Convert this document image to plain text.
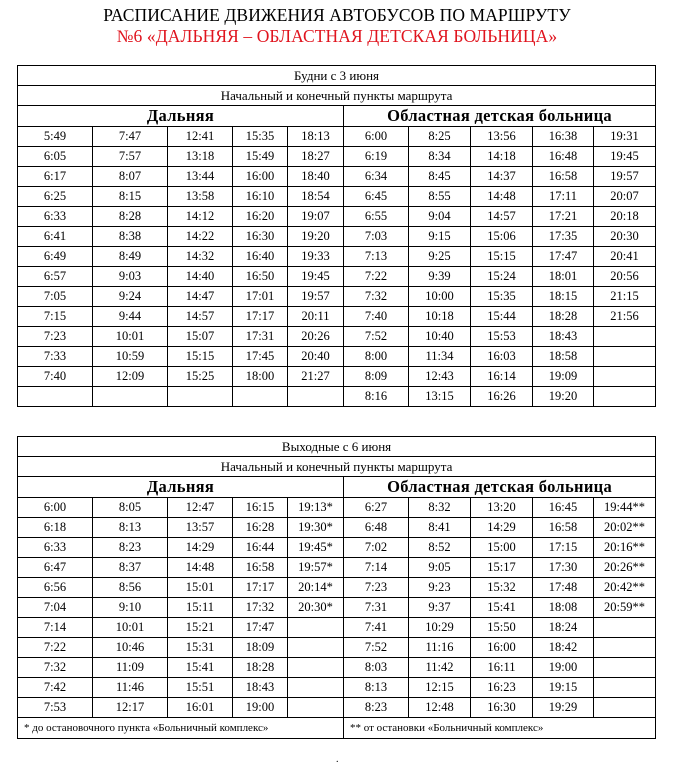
РАСПИСАНИЕ ДВИЖЕНИЯ АВТОБУСОВ ПО МАРШРУТУ
№6 «ДАЛЬНЯЯ – ОБЛАСТНАЯ ДЕТСКАЯ БОЛЬНИЦА»
Будни с 3 июня									
Начальный и конечный пункты маршрута									
Дальняя					Областная детская больница				
5:49	7:47	12:41	15:35	18:13	6:00	8:25	13:56	16:38	19:31
6:05	7:57	13:18	15:49	18:27	6:19	8:34	14:18	16:48	19:45
6:17	8:07	13:44	16:00	18:40	6:34	8:45	14:37	16:58	19:57
6:25	8:15	13:58	16:10	18:54	6:45	8:55	14:48	17:11	20:07
6:33	8:28	14:12	16:20	19:07	6:55	9:04	14:57	17:21	20:18
6:41	8:38	14:22	16:30	19:20	7:03	9:15	15:06	17:35	20:30
6:49	8:49	14:32	16:40	19:33	7:13	9:25	15:15	17:47	20:41
6:57	9:03	14:40	16:50	19:45	7:22	9:39	15:24	18:01	20:56
7:05	9:24	14:47	17:01	19:57	7:32	10:00	15:35	18:15	21:15
7:15	9:44	14:57	17:17	20:11	7:40	10:18	15:44	18:28	21:56
7:23	10:01	15:07	17:31	20:26	7:52	10:40	15:53	18:43	
7:33	10:59	15:15	17:45	20:40	8:00	11:34	16:03	18:58	
7:40	12:09	15:25	18:00	21:27	8:09	12:43	16:14	19:09	
					8:16	13:15	16:26	19:20	
Выходные с 6 июня									
Начальный и конечный пункты маршрута									
Дальняя					Областная детская больница				
6:00	8:05	12:47	16:15	19:13*	6:27	8:32	13:20	16:45	19:44**
6:18	8:13	13:57	16:28	19:30*	6:48	8:41	14:29	16:58	20:02**
6:33	8:23	14:29	16:44	19:45*	7:02	8:52	15:00	17:15	20:16**
6:47	8:37	14:48	16:58	19:57*	7:14	9:05	15:17	17:30	20:26**
6:56	8:56	15:01	17:17	20:14*	7:23	9:23	15:32	17:48	20:42**
7:04	9:10	15:11	17:32	20:30*	7:31	9:37	15:41	18:08	20:59**
7:14	10:01	15:21	17:47		7:41	10:29	15:50	18:24	
7:22	10:46	15:31	18:09		7:52	11:16	16:00	18:42	
7:32	11:09	15:41	18:28		8:03	11:42	16:11	19:00	
7:42	11:46	15:51	18:43		8:13	12:15	16:23	19:15	
7:53	12:17	16:01	19:00		8:23	12:48	16:30	19:29	
* до остановочного пункта «Больничный комплекс»					** от остановки «Больничный комплекс»				
.
